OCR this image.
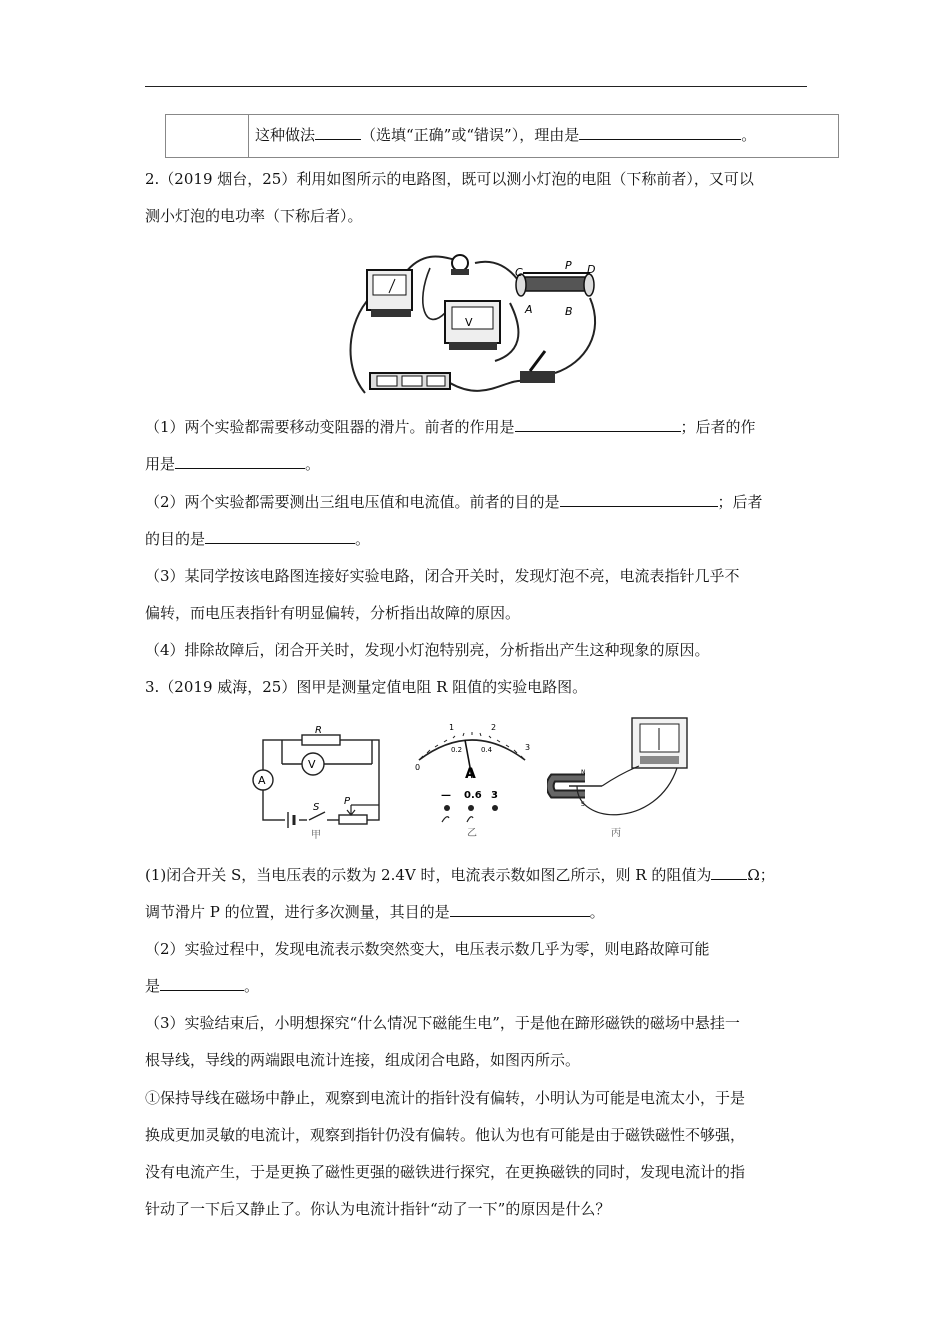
这种做法	（选填“正确”或“错误”），理由是	。
2.（2019 烟台，25）利用如图所示的电路图，既可以测小灯泡的电阻（下称前者），又可以
测小灯泡的电功率（下称后者）。
V
C
P D
A	B
（1）两个实验都需要移动变阻器的滑片。前者的作用是	；后者的作
用是	。
（2）两个实验都需要测出三组电压值和电流值。前者的目的是	；后者
的目的是	。
（3）某同学按该电路图连接好实验电路，闭合开关时，发现灯泡不亮，电流表指针几乎不
偏转，而电压表指针有明显偏转，分析指出故障的原因。
（4）排除故障后，闭合开关时，发现小灯泡特别亮，分析指出产生这种现象的原因。
3.（2019 威海，25）图甲是测量定值电阻 R 阻值的实验电路图。
R
V
A
S
P
甲
0
1	2
3
0.2	0.4
A
— 0.6 3
乙
N
S
丙
(1)闭合开关 S，当电压表的示数为 2.4V 时，电流表示数如图乙所示，则 R 的阻值为 Ω；
调节滑片 P 的位置，进行多次测量，其目的是	。
（2）实验过程中，发现电流表示数突然变大，电压表示数几乎为零，则电路故障可能
是	。
（3）实验结束后，小明想探究“什么情况下磁能生电”，于是他在蹄形磁铁的磁场中悬挂一
根导线，导线的两端跟电流计连接，组成闭合电路，如图丙所示。
①保持导线在磁场中静止，观察到电流计的指针没有偏转，小明认为可能是电流太小，于是
换成更加灵敏的电流计，观察到指针仍没有偏转。他认为也有可能是由于磁铁磁性不够强，
没有电流产生，于是更换了磁性更强的磁铁进行探究，在更换磁铁的同时，发现电流计的指
针动了一下后又静止了。你认为电流计指针“动了一下”的原因是什么？
